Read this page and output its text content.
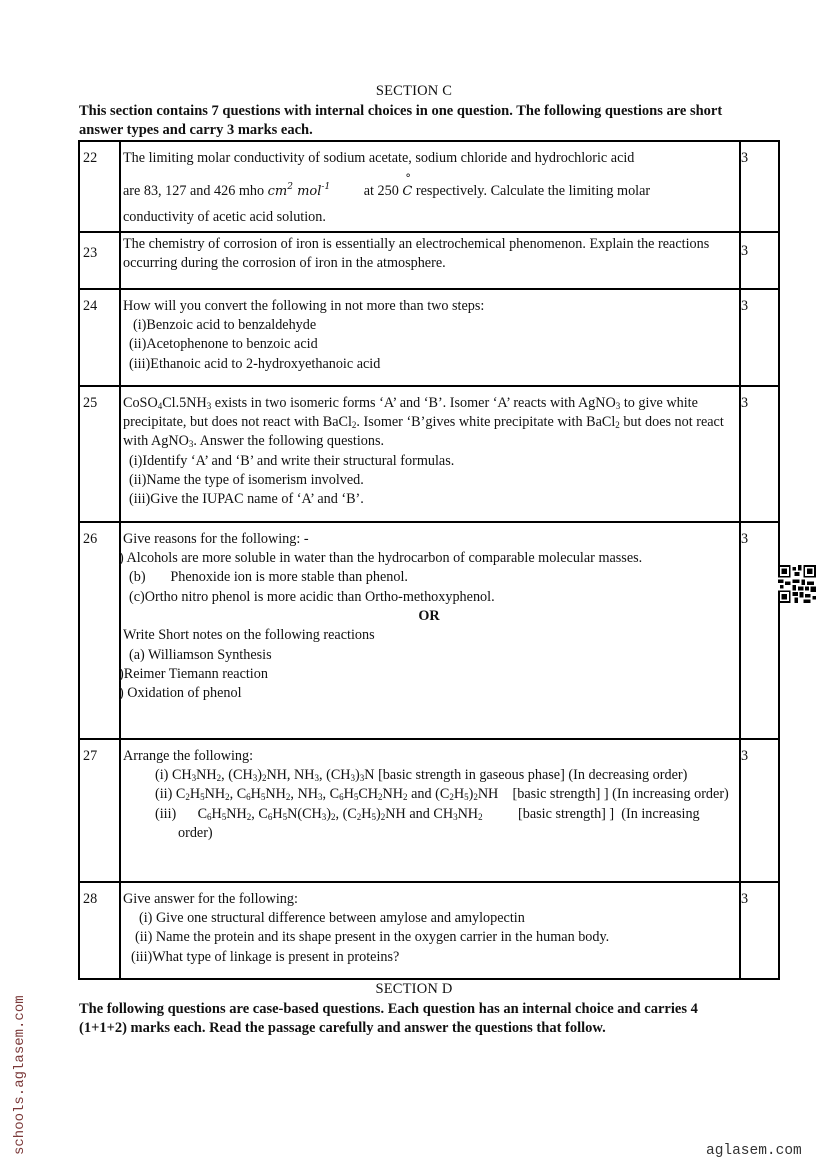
SECTION C
This section contains 7 questions with internal choices in one question. The following questions are short answer types and carry 3 marks each.
22	The limiting molar conductivity of sodium acetate, sodium chloride and hydrochloric acid
are 83, 127 and 426 mho $cm^2$ mol$^{-1}$ at 250 ° C respectively. Calculate the limiting molar
conductivity of acetic acid solution.	3
23	The chemistry of corrosion of iron is essentially an electrochemical phenomenon. Explain the reactions occurring during the corrosion of iron in the atmosphere.	3
24	How will you convert the following in not more than two steps:
(i)Benzoic acid to benzaldehyde
(ii)Acetophenone to benzoic acid
(iii)Ethanoic acid to 2-hydroxyethanoic acid	3
25	$CoSO_4Cl.5NH_3$ exists in two isomeric forms ‘A’ and ‘B’. Isomer ‘A’ reacts with AgNO$_3$ to give white precipitate, but does not react with BaCl$_2$. Isomer ‘B’gives white precipitate with BaCl$_2$ but does not react with AgNO$_3$. Answer the following questions.
(i)Identify ‘A’ and ‘B’ and write their structural formulas.
(ii)Name the type of isomerism involved.
(iii)Give the IUPAC name of ‘A’ and ‘B’.	3
26	Give reasons for the following: -
) Alcohols are more soluble in water than the hydrocarbon of comparable molecular masses.
(b)       Phenoxide ion is more stable than phenol.
(c)Ortho nitro phenol is more acidic than Ortho-methoxyphenol.
OR
Write Short notes on the following reactions
(a) Williamson Synthesis
)Reimer Tiemann reaction
) Oxidation of phenol
	3
27	Arrange the following:
(i) $CH_3NH_2$, $(CH_3)_2NH$, $NH_3$, $(CH_3)_3N$ [basic strength in gaseous phase] (In decreasing order)
(ii) $C_2H_5NH_2$, $C_6H_5NH_2$, $NH_3$, $C_6H_5CH_2NH_2$ and $(C_2H_5)_2NH$    [basic strength] ] (In increasing order)
(iii)      $C_6H_5NH_2$, $C_6H_5N(CH_3)_2$, $(C_2H_5)_2NH$ and $CH_3NH_2$          [basic strength] ]  (In increasing order)	3
28	Give answer for the following:
(i) Give one structural difference between amylose and amylopectin
(ii) Name the protein and its shape present in the oxygen carrier in the human body.
(iii)What type of linkage is present in proteins?	3
SECTION D
The following questions are case-based questions. Each question has an internal choice and carries 4 (1+1+2) marks each. Read the passage carefully and answer the questions that follow.
schools.aglasem.com	aglasem.com
